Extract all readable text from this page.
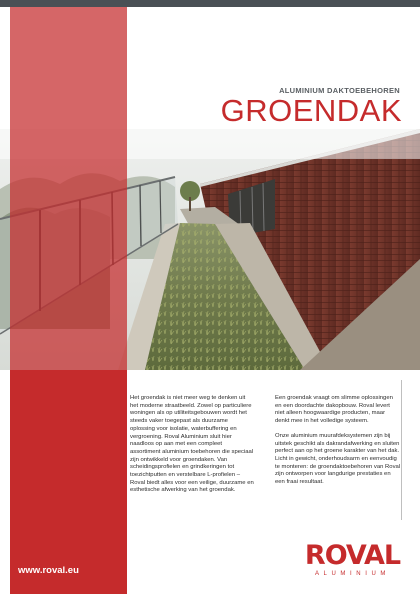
ALUMINIUM DAKTOEBEHOREN
GROENDAK

Het groendak is niet meer weg te denken uit het moderne straatbeeld. Zowel op particuliere woningen als op utiliteitsgebouwen wordt het steeds vaker toegepast als duurzame oplossing voor isolatie, waterbuffering en vergroening. Roval Aluminium sluit hier naadloos op aan met een compleet assortiment aluminium toebehoren die speciaal zijn ontwikkeld voor groendaken. Van scheidingsprofielen en grindkeringen tot toezichtputten en verstelbare L-profielen – Roval biedt alles voor een veilige, duurzame en esthetische afwerking van het groendak.

Een groendak vraagt om slimme oplossingen en een doordachte dakopbouw. Roval levert niet alleen hoogwaardige producten, maar denkt mee in het volledige systeem.

Onze aluminium muurafdeksystemen zijn bij uitstek geschikt als dakrandafwerking en sluiten perfect aan op het groene karakter van het dak. Licht in gewicht, onderhoudsarm en eenvoudig te monteren: de groendaktoebehoren van Roval zijn ontworpen voor langdurige prestaties en een fraai resultaat.

www.roval.eu	ROVAL
ALUMINIUM
